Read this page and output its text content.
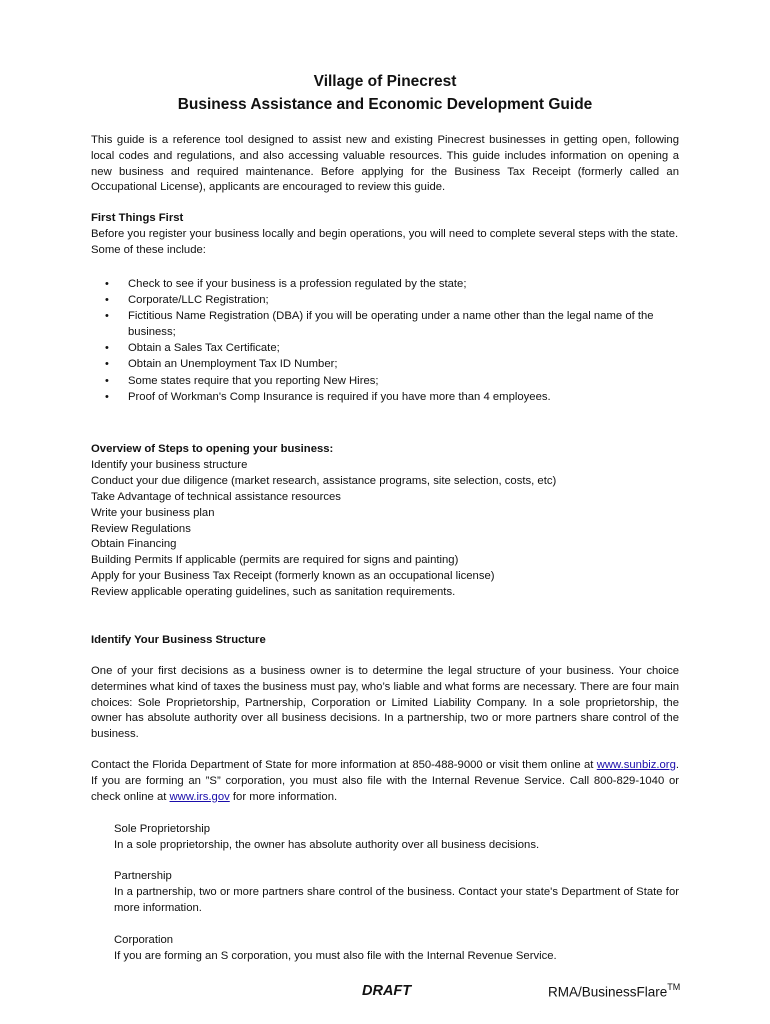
Village of Pinecrest
Business Assistance and Economic Development Guide

This guide is a reference tool designed to assist new and existing Pinecrest businesses in getting open, following local codes and regulations, and also accessing valuable resources. This guide includes information on opening a new business and required maintenance. Before applying for the Business Tax Receipt (formerly called an Occupational License), applicants are encouraged to review this guide.

First Things First

Before you register your business locally and begin operations, you will need to complete several steps with the state. Some of these include:

• Check to see if your business is a profession regulated by the state;
• Corporate/LLC Registration;
• Fictitious Name Registration (DBA) if you will be operating under a name other than the legal name of the business;
• Obtain a Sales Tax Certificate;
• Obtain an Unemployment Tax ID Number;
• Some states require that you reporting New Hires;
• Proof of Workman's Comp Insurance is required if you have more than 4 employees.
Overview of Steps to opening your business:
Identify your business structure
Conduct your due diligence (market research, assistance programs, site selection, costs, etc)
Take Advantage of technical assistance resources
Write your business plan
Review Regulations
Obtain Financing
Building Permits If applicable (permits are required for signs and painting)
Apply for your Business Tax Receipt (formerly known as an occupational license)
Review applicable operating guidelines, such as sanitation requirements.
Identify Your Business Structure

One of your first decisions as a business owner is to determine the legal structure of your business. Your choice determines what kind of taxes the business must pay, who’s liable and what forms are necessary. There are four main choices: Sole Proprietorship, Partnership, Corporation or Limited Liability Company. In a sole proprietorship, the owner has absolute authority over all business decisions. In a partnership, two or more partners share control of the business.

Contact the Florida Department of State for more information at 850-488-9000 or visit them online at www.sunbiz.org. If you are forming an ”S” corporation, you must also file with the Internal Revenue Service. Call 800-829-1040 or check online at www.irs.gov for more information.

Sole Proprietorship
In a sole proprietorship, the owner has absolute authority over all business decisions.
Partnership
In a partnership, two or more partners share control of the business. Contact your state's Department of State for more information.
Corporation
If you are forming an S corporation, you must also file with the Internal Revenue Service.
DRAFT	RMA/BusinessFlare™
